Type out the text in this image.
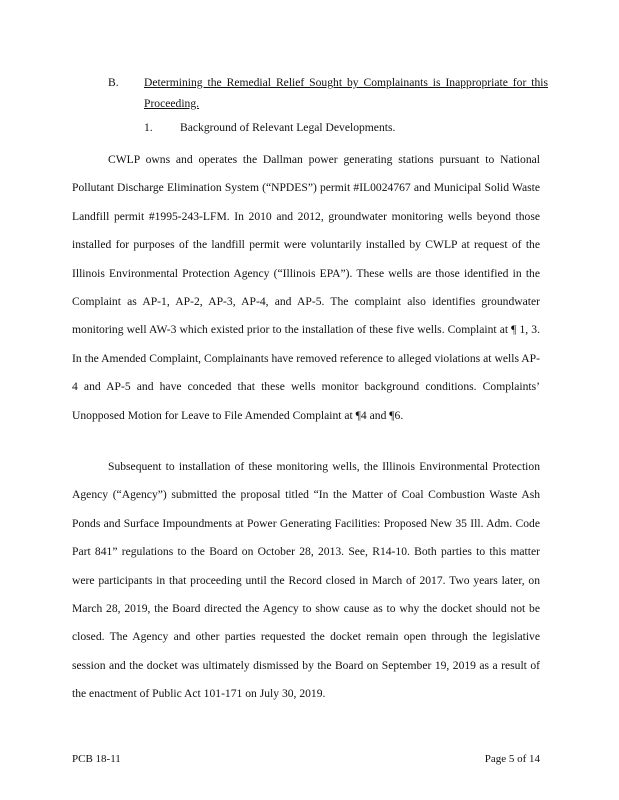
B. Determining the Remedial Relief Sought by Complainants is Inappropriate for this Proceeding.
1. Background of Relevant Legal Developments.

CWLP owns and operates the Dallman power generating stations pursuant to National Pollutant Discharge Elimination System (“NPDES”) permit #IL0024767 and Municipal Solid Waste Landfill permit #1995-243-LFM. In 2010 and 2012, groundwater monitoring wells beyond those installed for purposes of the landfill permit were voluntarily installed by CWLP at request of the Illinois Environmental Protection Agency (“Illinois EPA”). These wells are those identified in the Complaint as AP-1, AP-2, AP-3, AP-4, and AP-5. The complaint also identifies groundwater monitoring well AW-3 which existed prior to the installation of these five wells. Complaint at ¶ 1, 3. In the Amended Complaint, Complainants have removed reference to alleged violations at wells AP-4 and AP-5 and have conceded that these wells monitor background conditions. Complaints’ Unopposed Motion for Leave to File Amended Complaint at ¶4 and ¶6.

Subsequent to installation of these monitoring wells, the Illinois Environmental Protection Agency (“Agency”) submitted the proposal titled “In the Matter of Coal Combustion Waste Ash Ponds and Surface Impoundments at Power Generating Facilities: Proposed New 35 Ill. Adm. Code Part 841” regulations to the Board on October 28, 2013. See, R14-10. Both parties to this matter were participants in that proceeding until the Record closed in March of 2017. Two years later, on March 28, 2019, the Board directed the Agency to show cause as to why the docket should not be closed. The Agency and other parties requested the docket remain open through the legislative session and the docket was ultimately dismissed by the Board on September 19, 2019 as a result of the enactment of Public Act 101-171 on July 30, 2019.

PCB 18-11	Page 5 of 14
